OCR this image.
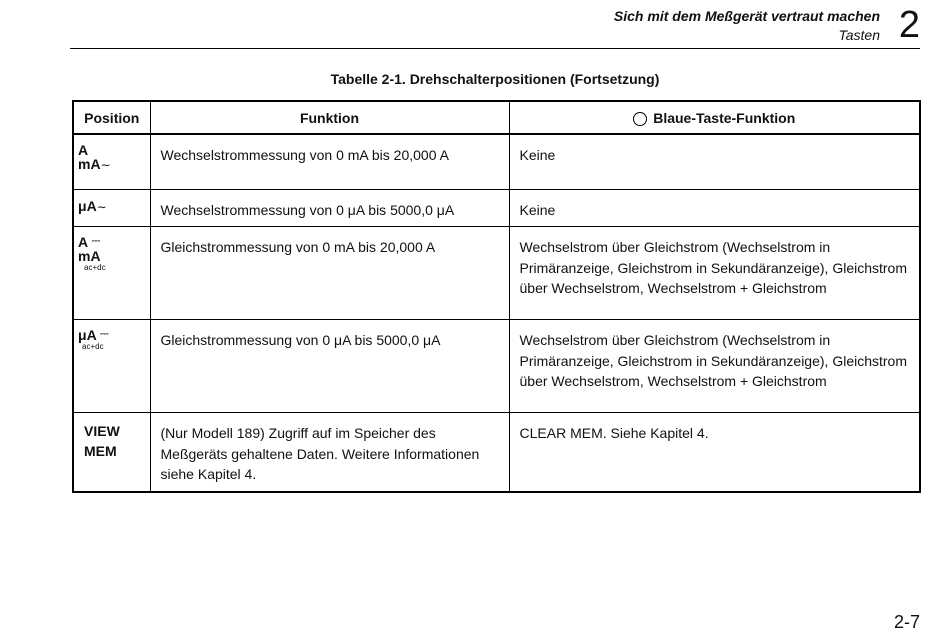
Sich mit dem Meßgerät vertraut machen
Tasten 2
Tabelle 2-1. Drehschalterpositionen (Fortsetzung)
Position	Funktion	Blaue-Taste-Funktion

A
mA∼	Wechselstrommessung von 0 mA bis 20,000 A	Keine

μA∼	Wechselstrommessung von 0 μA bis 5000,0 μA	Keine

A ⎓
mA
ac+dc	Gleichstrommessung von 0 mA bis 20,000 A	Wechselstrom über Gleichstrom (Wechselstrom in Primäranzeige, Gleichstrom in Sekundäranzeige), Gleichstrom über Wechselstrom, Wechselstrom + Gleichstrom

μA ⎓
ac+dc	Gleichstrommessung von 0 μA bis 5000,0 μA	Wechselstrom über Gleichstrom (Wechselstrom in Primäranzeige, Gleichstrom in Sekundäranzeige), Gleichstrom über Wechselstrom, Wechselstrom + Gleichstrom

VIEW
MEM	(Nur Modell 189) Zugriff auf im Speicher des Meßgeräts gehaltene Daten. Weitere Informationen siehe Kapitel 4.	CLEAR MEM. Siehe Kapitel 4.
2-7
